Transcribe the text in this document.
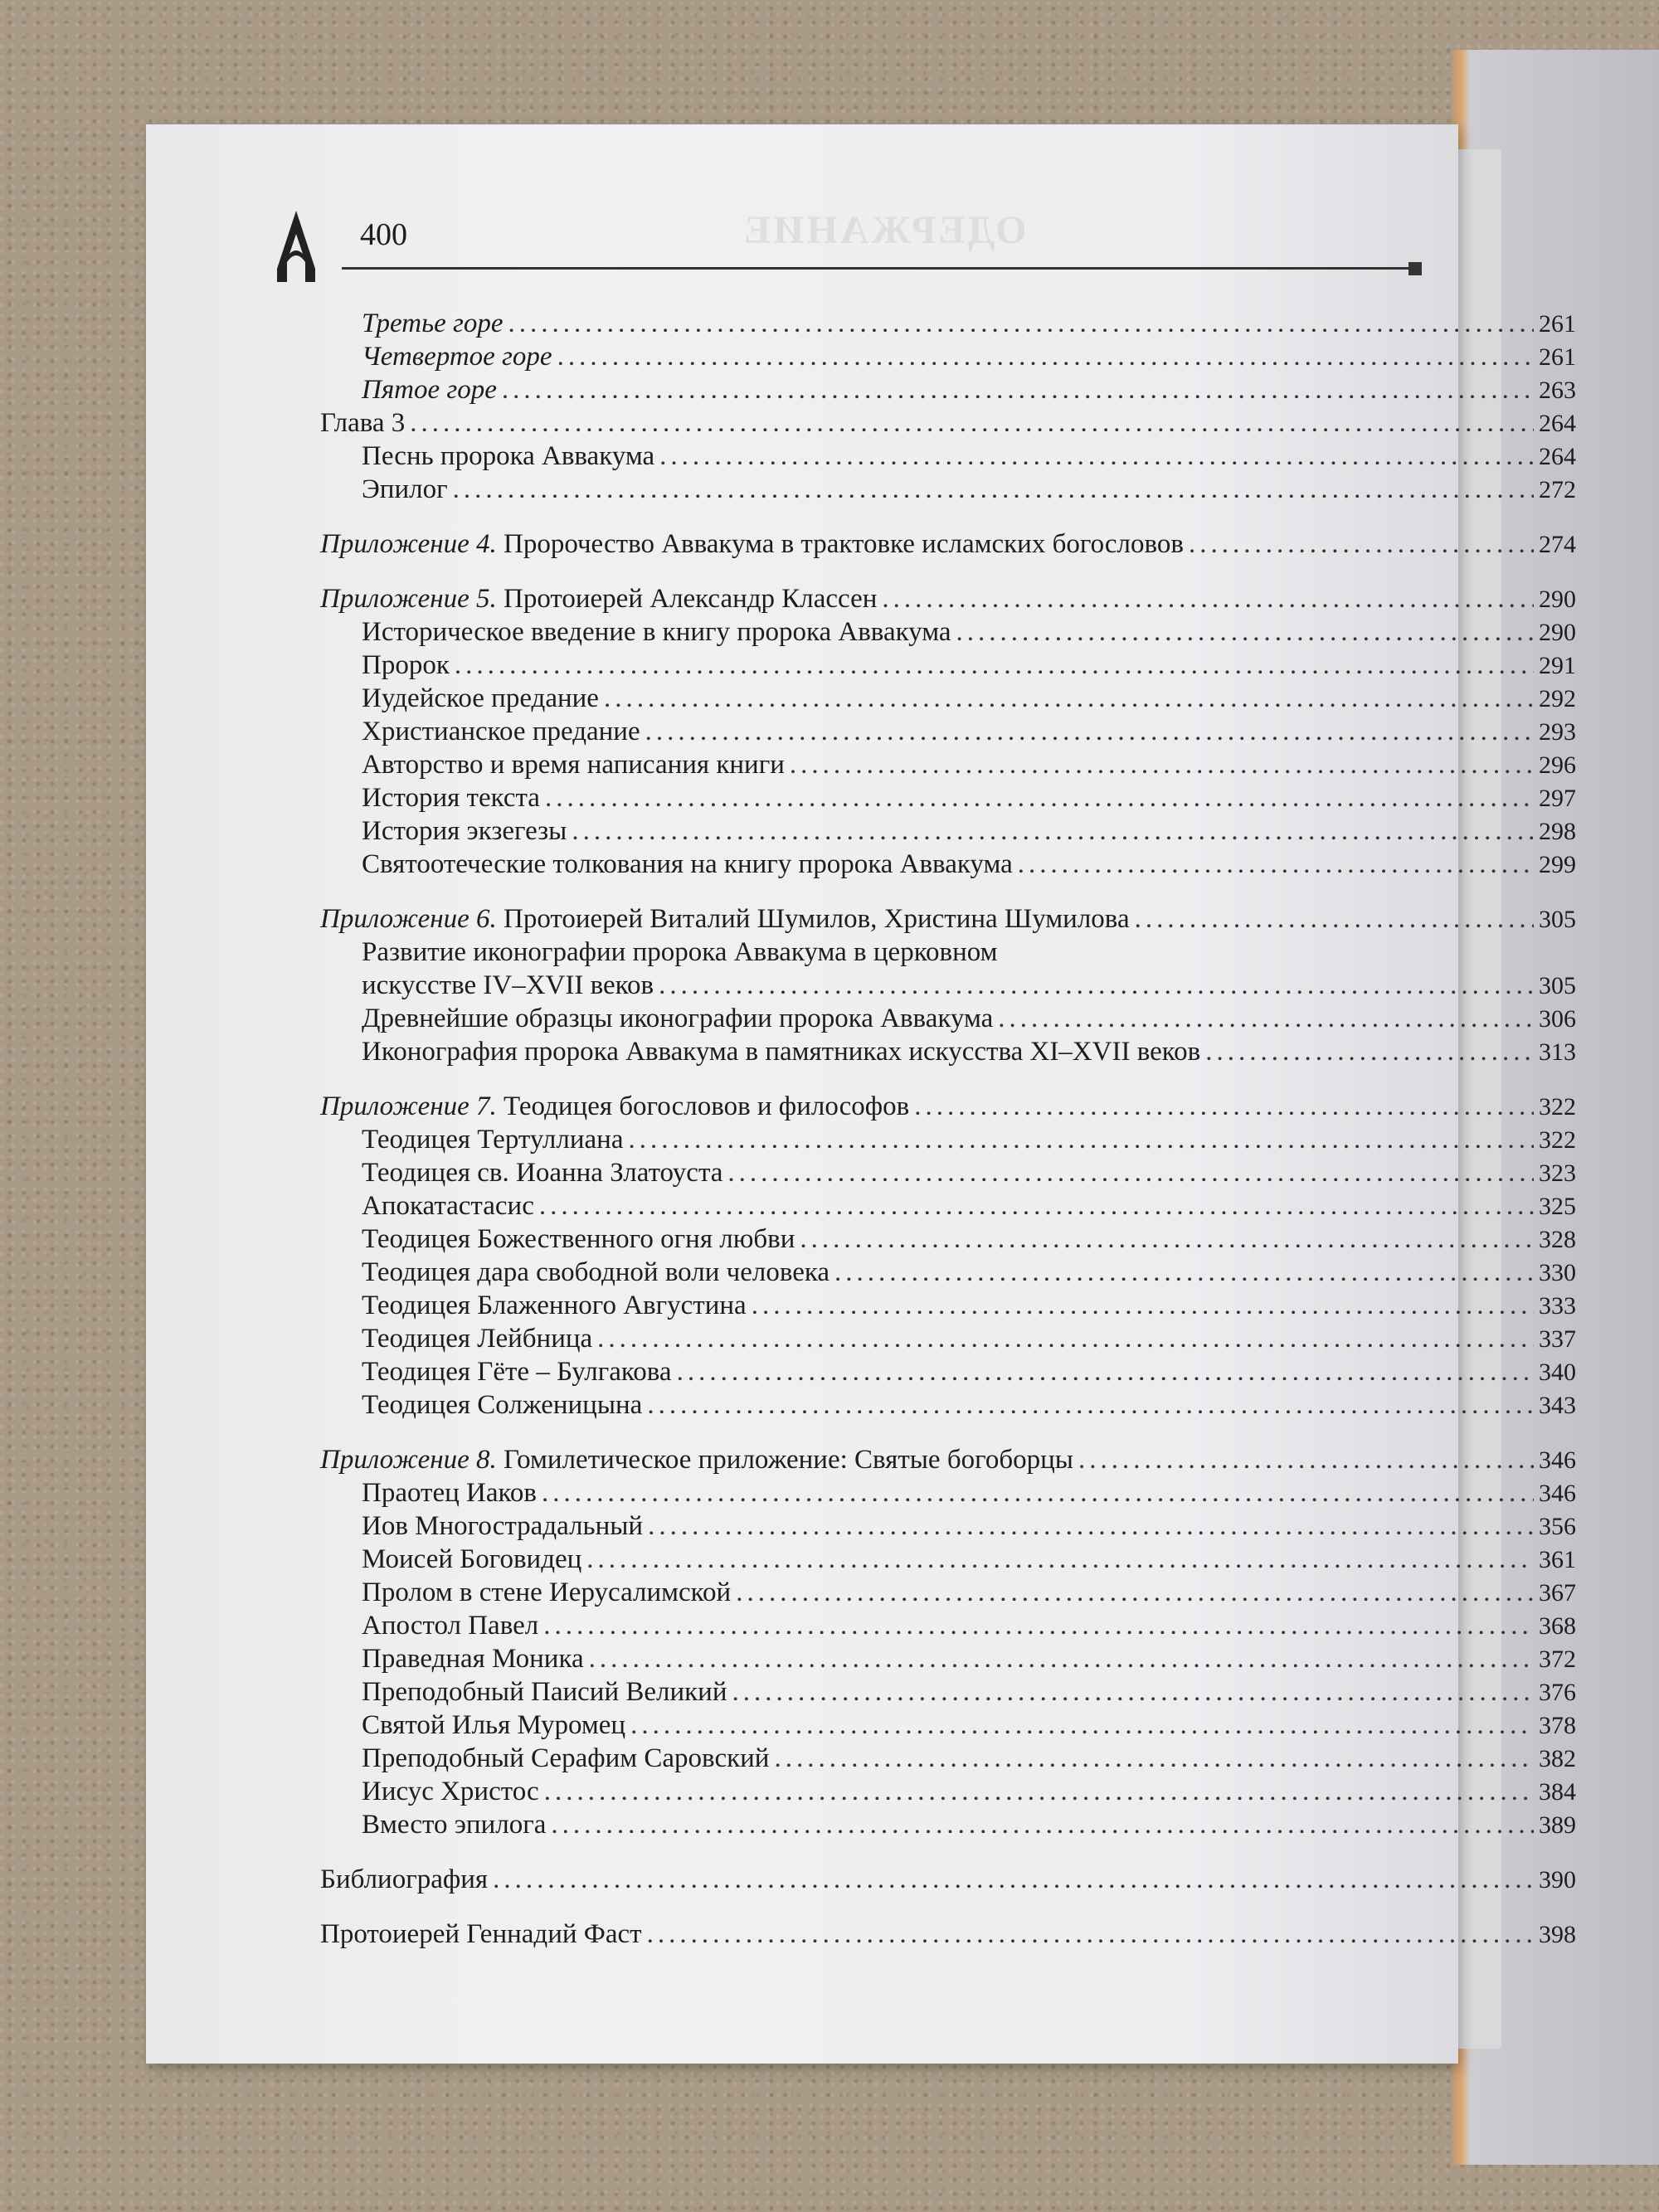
400	ОДЕРЖАНИЕ
Третье горе .....	261
Четвертое горе .....	261
Пятое горе .....	263
Глава 3 .....	264
Песнь пророка Аввакума .....	264
Эпилог .....	272
Приложение 4. Пророчество Аввакума в трактовке исламских богословов .....	274
Приложение 5. Протоиерей Александр Классен .....	290
Историческое введение в книгу пророка Аввакума .....	290
Пророк .....	291
Иудейское предание .....	292
Христианское предание .....	293
Авторство и время написания книги .....	296
История текста .....	297
История экзегезы .....	298
Святоотеческие толкования на книгу пророка Аввакума .....	299
Приложение 6. Протоиерей Виталий Шумилов, Христина Шумилова .....	305
Развитие иконографии пророка Аввакума в церковном
искусстве IV–XVII веков .....	305
Древнейшие образцы иконографии пророка Аввакума .....	306
Иконография пророка Аввакума в памятниках искусства XI–XVII веков .....	313
Приложение 7. Теодицея богословов и философов .....	322
Теодицея Тертуллиана .....	322
Теодицея св. Иоанна Златоуста .....	323
Апокатастасис .....	325
Теодицея Божественного огня любви .....	328
Теодицея дара свободной воли человека .....	330
Теодицея Блаженного Августина .....	333
Теодицея Лейбница .....	337
Теодицея Гёте – Булгакова .....	340
Теодицея Солженицына .....	343
Приложение 8. Гомилетическое приложение: Святые богоборцы .....	346
Праотец Иаков .....	346
Иов Многострадальный .....	356
Моисей Боговидец .....	361
Пролом в стене Иерусалимской .....	367
Апостол Павел .....	368
Праведная Моника .....	372
Преподобный Паисий Великий .....	376
Святой Илья Муромец .....	378
Преподобный Серафим Саровский .....	382
Иисус Христос .....	384
Вместо эпилога .....	389
Библиография .....	390
Протоиерей Геннадий Фаст .....	398
